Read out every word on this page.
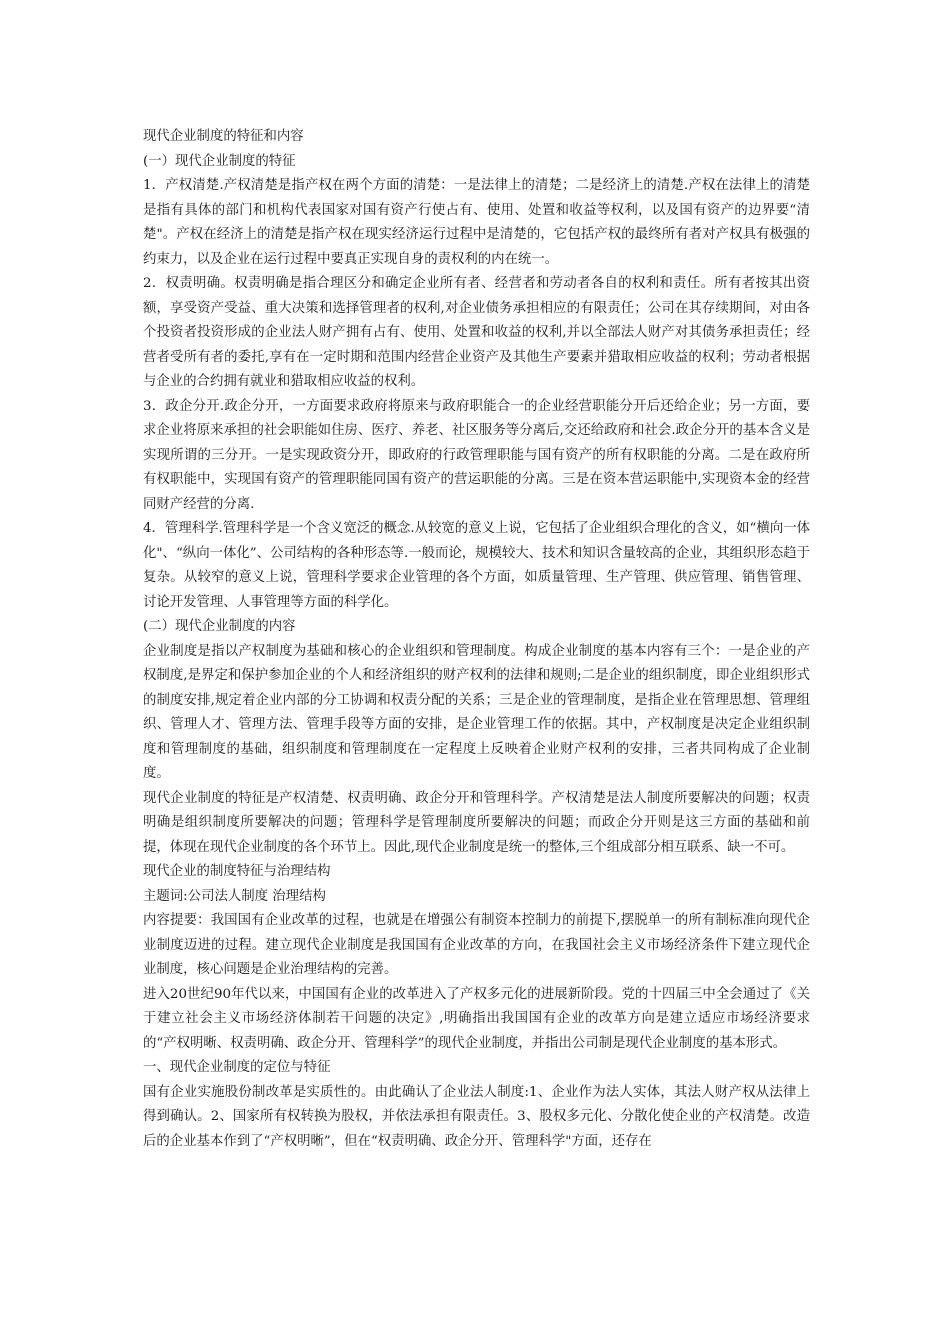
现代企业制度的特征和内容

(一）现代企业制度的特征

1．产权清楚.产权清楚是指产权在两个方面的清楚：一是法律上的清楚；二是经济上的清楚.产权在法律上的清楚是指有具体的部门和机构代表国家对国有资产行使占有、使用、处置和收益等权利，以及国有资产的边界要“清楚"。产权在经济上的清楚是指产权在现实经济运行过程中是清楚的，它包括产权的最终所有者对产权具有极强的约束力，以及企业在运行过程中要真正实现自身的责权利的内在统一。

2．权责明确。权责明确是指合理区分和确定企业所有者、经营者和劳动者各自的权利和责任。所有者按其出资额，享受资产受益、重大决策和选择管理者的权利,对企业债务承担相应的有限责任；公司在其存续期间，对由各个投资者投资形成的企业法人财产拥有占有、使用、处置和收益的权利,并以全部法人财产对其债务承担责任；经营者受所有者的委托,享有在一定时期和范围内经营企业资产及其他生产要素并猎取相应收益的权利；劳动者根据与企业的合约拥有就业和猎取相应收益的权利。

3．政企分开.政企分开，一方面要求政府将原来与政府职能合一的企业经营职能分开后还给企业；另一方面，要求企业将原来承担的社会职能如住房、医疗、养老、社区服务等分离后,交还给政府和社会.政企分开的基本含义是实现所谓的三分开。一是实现政资分开，即政府的行政管理职能与国有资产的所有权职能的分离。二是在政府所有权职能中，实现国有资产的管理职能同国有资产的营运职能的分离。三是在资本营运职能中,实现资本金的经营同财产经营的分离.

4．管理科学.管理科学是一个含义宽泛的概念.从较宽的意义上说，它包括了企业组织合理化的含义，如“横向一体化"、“纵向一体化”、公司结构的各种形态等.一般而论，规模较大、技术和知识含量较高的企业，其组织形态趋于复杂。从较窄的意义上说，管理科学要求企业管理的各个方面，如质量管理、生产管理、供应管理、销售管理、讨论开发管理、人事管理等方面的科学化。

(二）现代企业制度的内容

企业制度是指以产权制度为基础和核心的企业组织和管理制度。构成企业制度的基本内容有三个：一是企业的产权制度,是界定和保护参加企业的个人和经济组织的财产权利的法律和规则;二是企业的组织制度，即企业组织形式的制度安排,规定着企业内部的分工协调和权责分配的关系；三是企业的管理制度，是指企业在管理思想、管理组织、管理人才、管理方法、管理手段等方面的安排，是企业管理工作的依据。其中，产权制度是决定企业组织制度和管理制度的基础，组织制度和管理制度在一定程度上反映着企业财产权利的安排，三者共同构成了企业制度。

现代企业制度的特征是产权清楚、权责明确、政企分开和管理科学。产权清楚是法人制度所要解决的问题；权责明确是组织制度所要解决的问题；管理科学是管理制度所要解决的问题；而政企分开则是这三方面的基础和前提，体现在现代企业制度的各个环节上。因此,现代企业制度是统一的整体,三个组成部分相互联系、缺一不可。

现代企业的制度特征与治理结构

主题词:公司法人制度 治理结构

内容提要：我国国有企业改革的过程，也就是在增强公有制资本控制力的前提下,摆脱单一的所有制标准向现代企业制度迈进的过程。建立现代企业制度是我国国有企业改革的方向，在我国社会主义市场经济条件下建立现代企业制度，核心问题是企业治理结构的完善。

进入20世纪90年代以来，中国国有企业的改革进入了产权多元化的进展新阶段。党的十四届三中全会通过了《关于建立社会主义市场经济体制若干问题的决定》,明确指出我国国有企业的改革方向是建立适应市场经济要求的“产权明晰、权责明确、政企分开、管理科学”的现代企业制度，并指出公司制是现代企业制度的基本形式。

一、现代企业制度的定位与特征

国有企业实施股份制改革是实质性的。由此确认了企业法人制度:1、企业作为法人实体，其法人财产权从法律上得到确认。2、国家所有权转换为股权，并依法承担有限责任。3、股权多元化、分散化使企业的产权清楚。改造后的企业基本作到了“产权明晰”，但在“权责明确、政企分开、管理科学"方面，还存在
